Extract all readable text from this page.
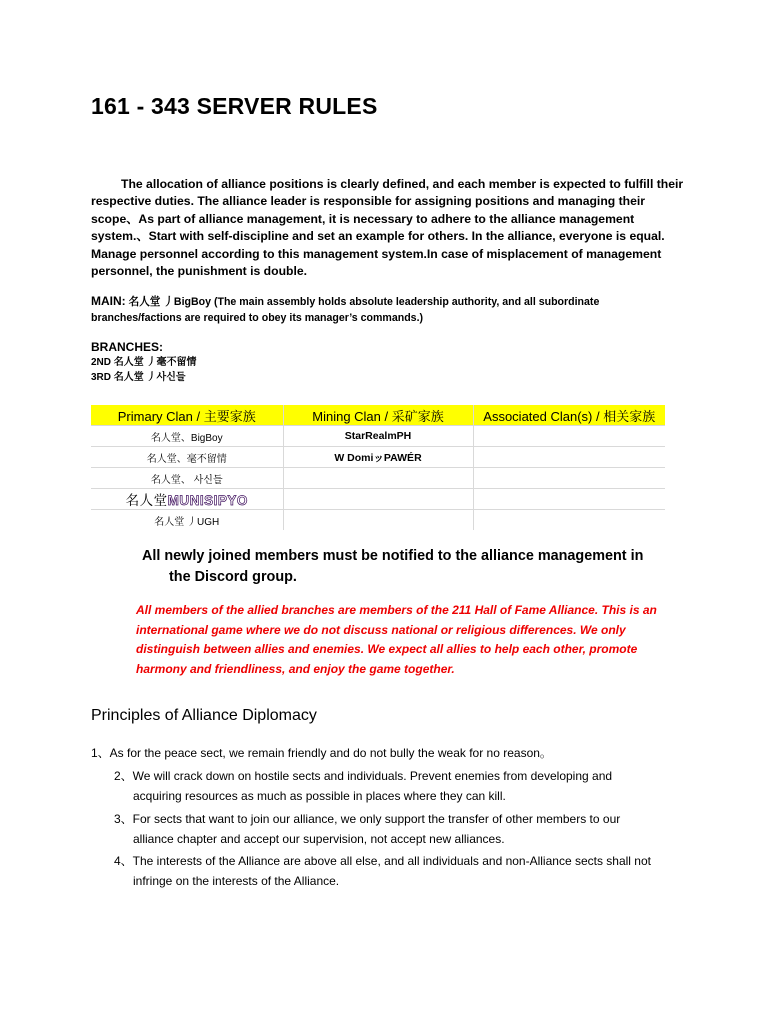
161 - 343 SERVER RULES
The allocation of alliance positions is clearly defined, and each member is expected to fulfill their respective duties. The alliance leader is responsible for assigning positions and managing their scope、As part of alliance management, it is necessary to adhere to the alliance management system.、Start with self-discipline and set an example for others. In the alliance, everyone is equal. Manage personnel according to this management system.In case of misplacement of management personnel, the punishment is double.
MAIN: 名人堂 丿BigBoy (The main assembly holds absolute leadership authority, and all subordinate branches/factions are required to obey its manager’s commands.)
BRANCHES:
2ND 名人堂 丿毫不留情
3RD 名人堂 丿사신들
Primary Clan / 主要家族	Mining Clan / 采矿家族	Associated Clan(s) / 相关家族
名人堂、BigBoy	StarRealmPH	
名人堂、毫不留情	W DomiッPAWÉR	
名人堂、 사신들		
名人堂MUNISIPYO		
名人堂 丿UGH		
All newly joined members must be notified to the alliance management in
the Discord group.
All members of the allied branches are members of the 211 Hall of Fame Alliance. This is an international game where we do not discuss national or religious differences. We only distinguish between allies and enemies. We expect all allies to help each other, promote harmony and friendliness, and enjoy the game together.
Principles of Alliance Diplomacy
1、As for the peace sect, we remain friendly and do not bully the weak for no reason。
2、We will crack down on hostile sects and individuals. Prevent enemies from developing and
acquiring resources as much as possible in places where they can kill.
3、For sects that want to join our alliance, we only support the transfer of other members to our
alliance chapter and accept our supervision, not accept new alliances.
4、The interests of the Alliance are above all else, and all individuals and non-Alliance sects shall not
infringe on the interests of the Alliance.
